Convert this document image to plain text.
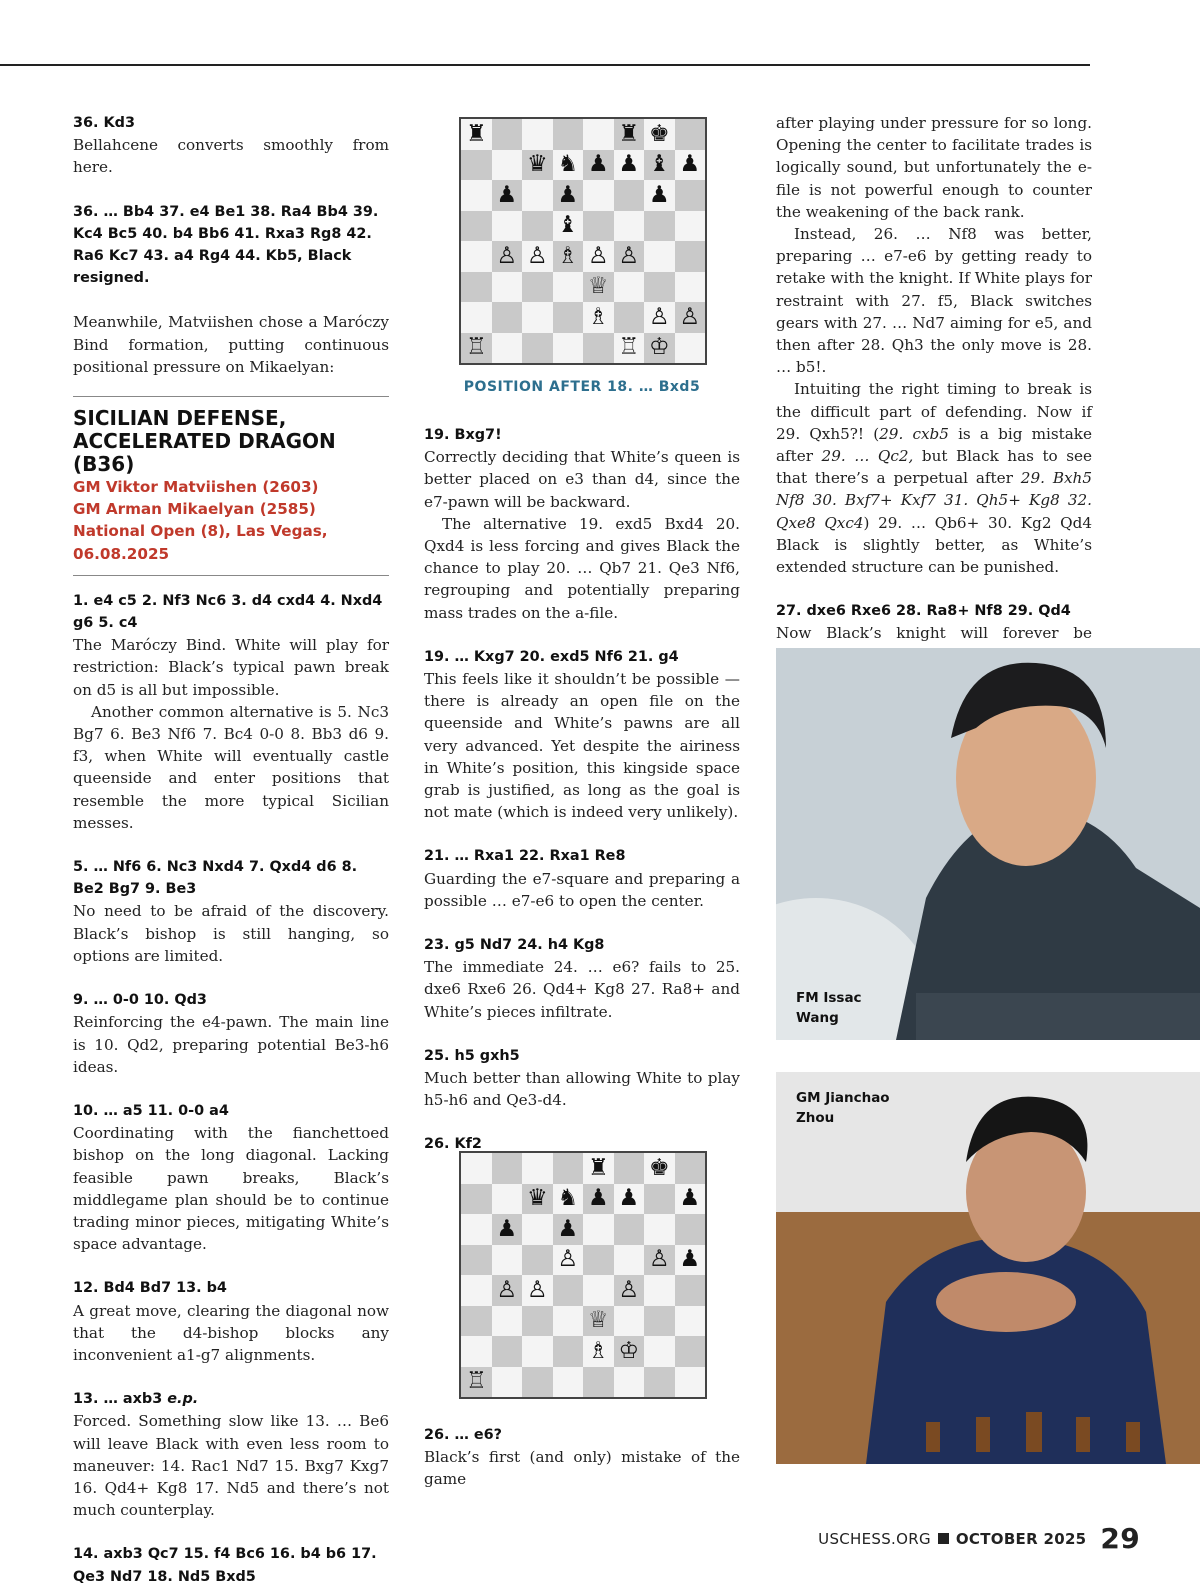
36. Kd3

Bellahcene converts smoothly from here.

36. … Bb4 37. e4 Be1 38. Ra4 Bb4 39. Kc4 Bc5 40. b4 Bb6 41. Rxa3 Rg8 42. Ra6 Kc7 43. a4 Rg4 44. Kb5, Black resigned.

Meanwhile, Matviishen chose a Maróczy Bind formation, putting continuous positional pressure on Mikaelyan:

SICILIAN DEFENSE, ACCELERATED DRAGON (B36)
GM Viktor Matviishen (2603)
GM Arman Mikaelyan (2585)
National Open (8), Las Vegas,
06.08.2025
1. e4 c5 2. Nf3 Nc6 3. d4 cxd4 4. Nxd4 g6 5. c4

The Maróczy Bind. White will play for restriction: Black’s typical pawn break on d5 is all but impossible.

Another common alternative is 5. Nc3 Bg7 6. Be3 Nf6 7. Bc4 0-0 8. Bb3 d6 9. f3, when White will eventually castle queenside and enter positions that resemble the more typical Sicilian messes.

5. … Nf6 6. Nc3 Nxd4 7. Qxd4 d6 8. Be2 Bg7 9. Be3

No need to be afraid of the discovery. Black’s bishop is still hanging, so options are limited.

9. … 0-0 10. Qd3

Reinforcing the e4-pawn. The main line is 10. Qd2, preparing potential Be3-h6 ideas.

10. … a5 11. 0-0 a4

Coordinating with the fianchettoed bishop on the long diagonal. Lacking feasible pawn breaks, Black’s middlegame plan should be to continue trading minor pieces, mitigating White’s space advantage.

12. Bd4 Bd7 13. b4

A great move, clearing the diagonal now that the d4-bishop blocks any inconvenient a1-g7 alignments.

13. … axb3 e.p.

Forced. Something slow like 13. … Be6 will leave Black with even less room to maneuver: 14. Rac1 Nd7 15. Bxg7 Kxg7 16. Qd4+ Kg8 17. Nd5 and there’s not much counterplay.

14. axb3 Qc7 15. f4 Bc6 16. b4 b6 17. Qe3 Nd7 18. Nd5 Bxd5
♜	♜ ♚
♛ ♞ ♟ ♟ ♝ ♟
♟ ♟	♟
♝
♙ ♙ ♗ ♙ ♙
♕
♗ ♙ ♙
♖	♖ ♔
POSITION AFTER 18. … Bxd5
19. Bxg7!

Correctly deciding that White’s queen is better placed on e3 than d4, since the e7-pawn will be backward.

The alternative 19. exd5 Bxd4 20. Qxd4 is less forcing and gives Black the chance to play 20. … Qb7 21. Qe3 Nf6, regrouping and potentially preparing mass trades on the a-file.

19. … Kxg7 20. exd5 Nf6 21. g4

This feels like it shouldn’t be possible — there is already an open file on the queenside and White’s pawns are all very advanced. Yet despite the airiness in White’s position, this kingside space grab is justified, as long as the goal is not mate (which is indeed very unlikely).

21. … Rxa1 22. Rxa1 Re8

Guarding the e7-square and preparing a possible … e7-e6 to open the center.

23. g5 Nd7 24. h4 Kg8

The immediate 24. … e6? fails to 25. dxe6 Rxe6 26. Qd4+ Kg8 27. Ra8+ and White’s pieces infiltrate.

25. h5 gxh5

Much better than allowing White to play h5-h6 and Qe3-d4.

26. Kf2
♜ ♚
♛ ♞ ♟ ♟ ♟
♟ ♟
♙	♙ ♟
♙ ♙	♙
♕
♗ ♔
♖
26. … e6?

Black’s first (and only) mistake of the game

after playing under pressure for so long. Opening the center to facilitate trades is logically sound, but unfortunately the e-file is not powerful enough to counter the weakening of the back rank.

Instead, 26. … Nf8 was better, preparing … e7-e6 by getting ready to retake with the knight. If White plays for restraint with 27. f5, Black switches gears with 27. … Nd7 aiming for e5, and then after 28. Qh3 the only move is 28. … b5!.

Intuiting the right timing to break is the difficult part of defending. Now if 29. Qxh5?! (29. cxb5 is a big mistake after 29. … Qc2, but Black has to see that there’s a perpetual after 29. Bxh5 Nf8 30. Bxf7+ Kxf7 31. Qh5+ Kg8 32. Qxe8 Qxc4) 29. … Qb6+ 30. Kg2 Qd4 Black is slightly better, as White’s extended structure can be punished.

27. dxe6 Rxe6 28. Ra8+ Nf8 29. Qd4

Now Black’s knight will forever be

FM Issac
Wang
GM Jianchao
Zhou
USCHESS.ORG OCTOBER 2025 29
